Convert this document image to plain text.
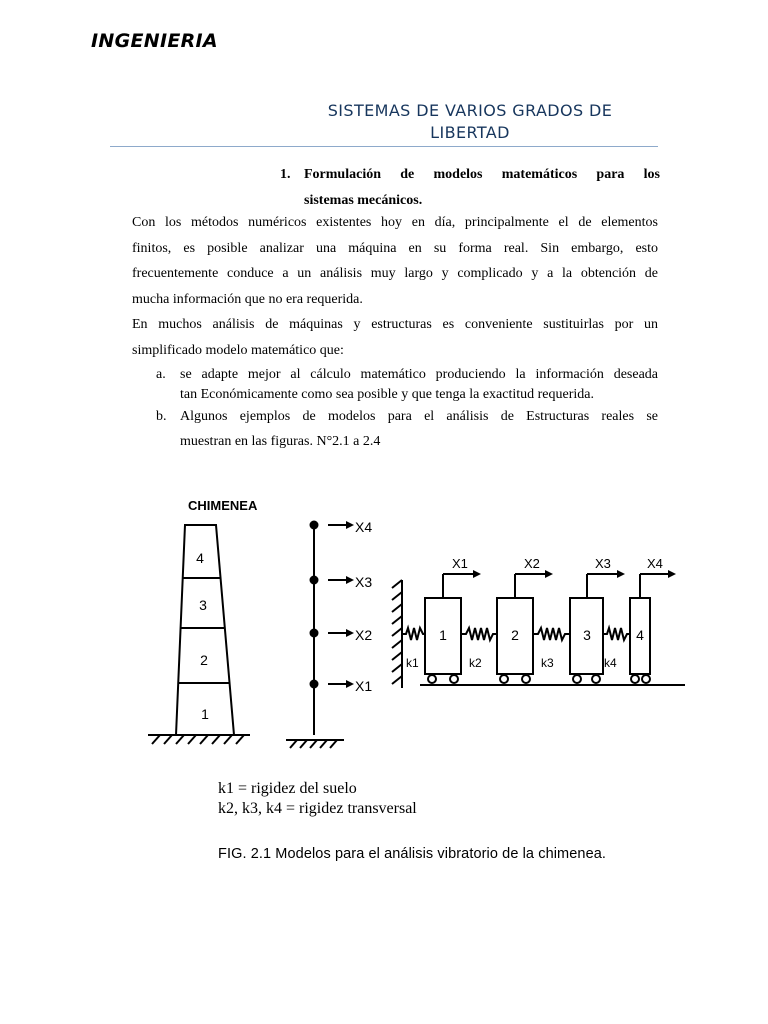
INGENIERIA
SISTEMAS DE VARIOS GRADOS DE
LIBERTAD
1. Formulación de modelos matemáticos para los
sistemas mecánicos.
Con los métodos numéricos existentes hoy en día, principalmente el de elementos
finitos, es posible analizar una máquina en su forma real. Sin embargo, esto
frecuentemente conduce a un análisis muy largo y complicado y a la obtención de
mucha información que no era requerida.
En muchos análisis de máquinas y estructuras es conveniente sustituirlas por un
simplificado modelo matemático que:
a. se adapte mejor al cálculo matemático produciendo la información deseada
tan Económicamente como sea posible y que tenga la exactitud requerida.
b. Algunos ejemplos de modelos para el análisis de Estructuras reales se
muestran en las figuras. N°2.1 a 2.4
CHIMENEA
4
3
2
1
X4
X3
X2
X1
1	2	3	4
X1	X2	X3	X4
k1	k2	k3	k4
k1 = rigidez del suelo
k2, k3, k4 = rigidez transversal
FIG. 2.1 Modelos para el análisis vibratorio de la chimenea.
